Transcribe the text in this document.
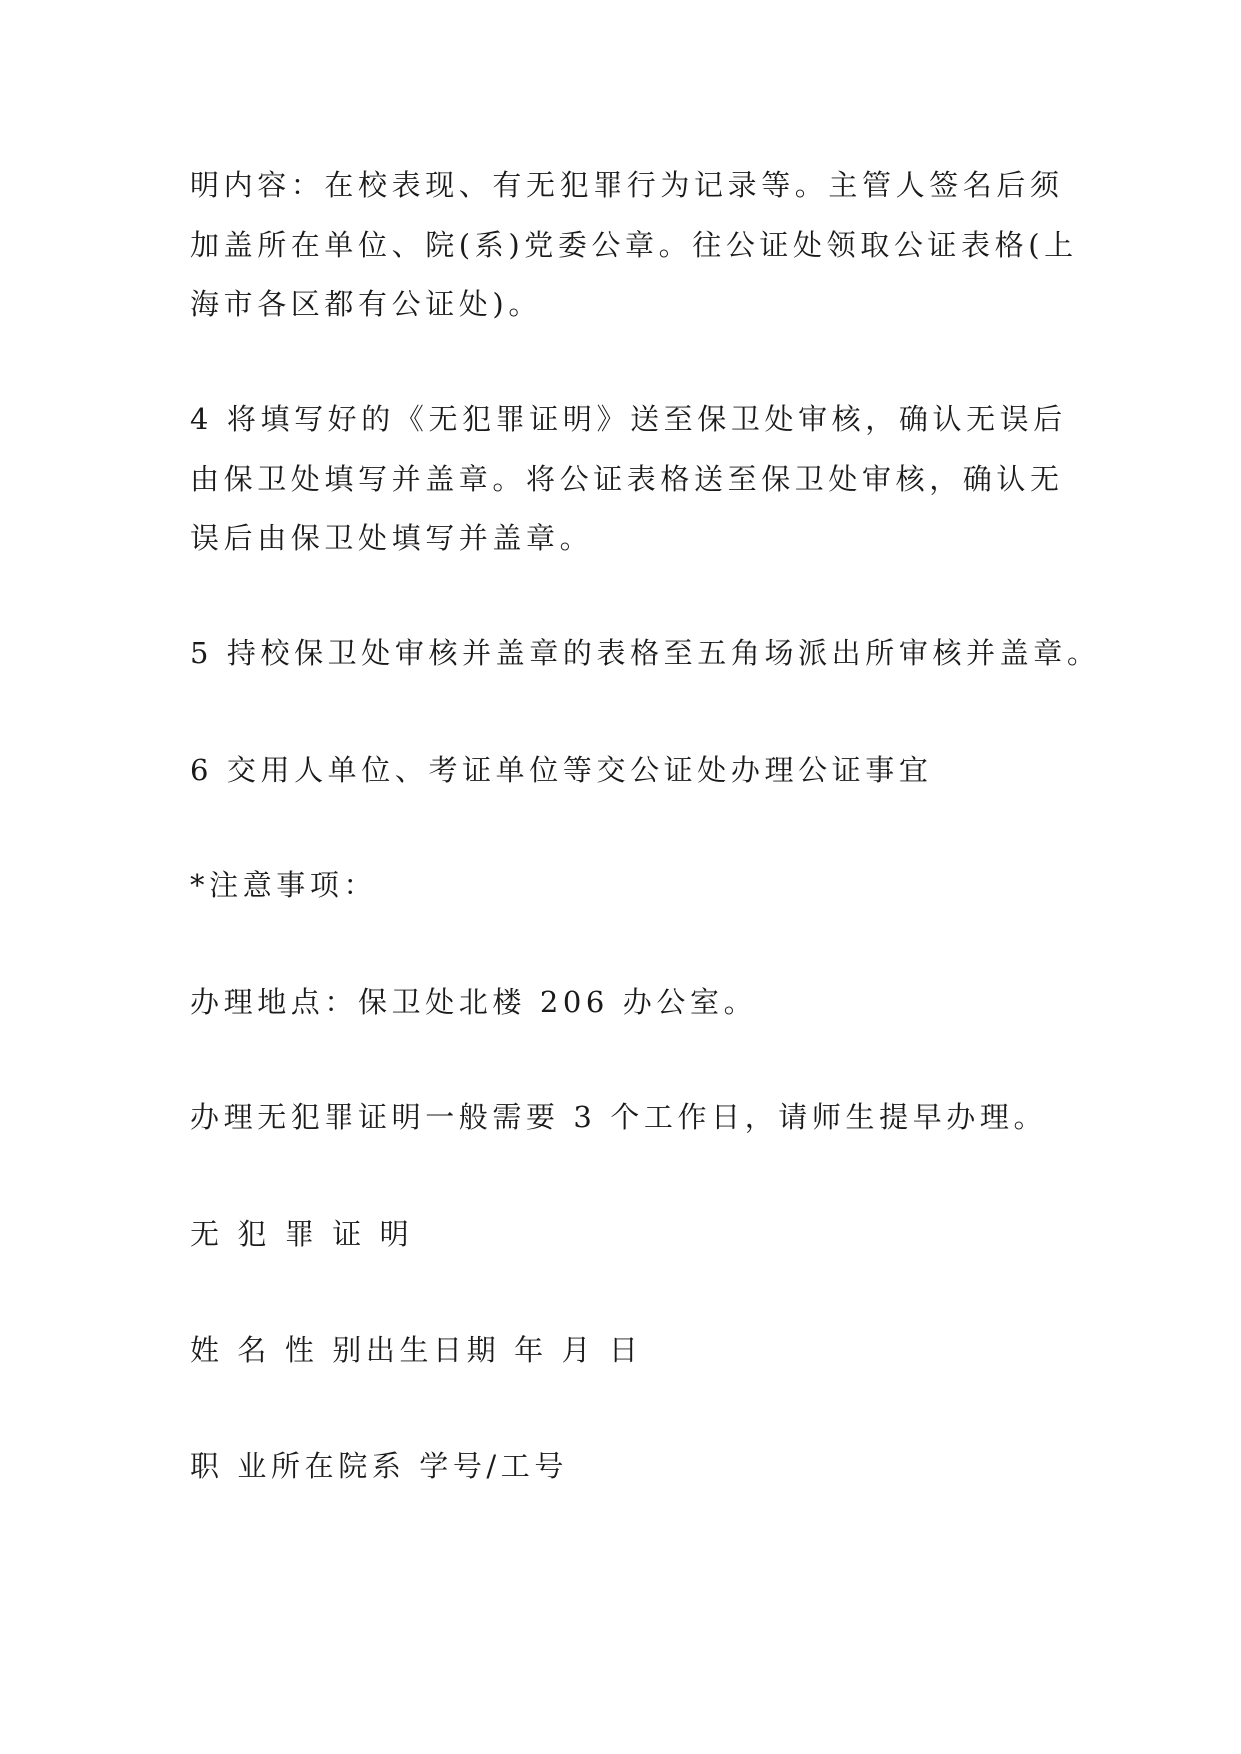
明内容：在校表现、有无犯罪行为记录等。主管人签名后须
加盖所在单位、院(系)党委公章。往公证处领取公证表格(上
海市各区都有公证处)。
4 将填写好的《无犯罪证明》送至保卫处审核，确认无误后
由保卫处填写并盖章。将公证表格送至保卫处审核，确认无
误后由保卫处填写并盖章。
5 持校保卫处审核并盖章的表格至五角场派出所审核并盖章。
6 交用人单位、考证单位等交公证处办理公证事宜
*注意事项：
办理地点：保卫处北楼 206 办公室。
办理无犯罪证明一般需要 3 个工作日，请师生提早办理。
无 犯 罪 证 明
姓 名 性 别出生日期 年 月 日
职 业所在院系 学号/工号
